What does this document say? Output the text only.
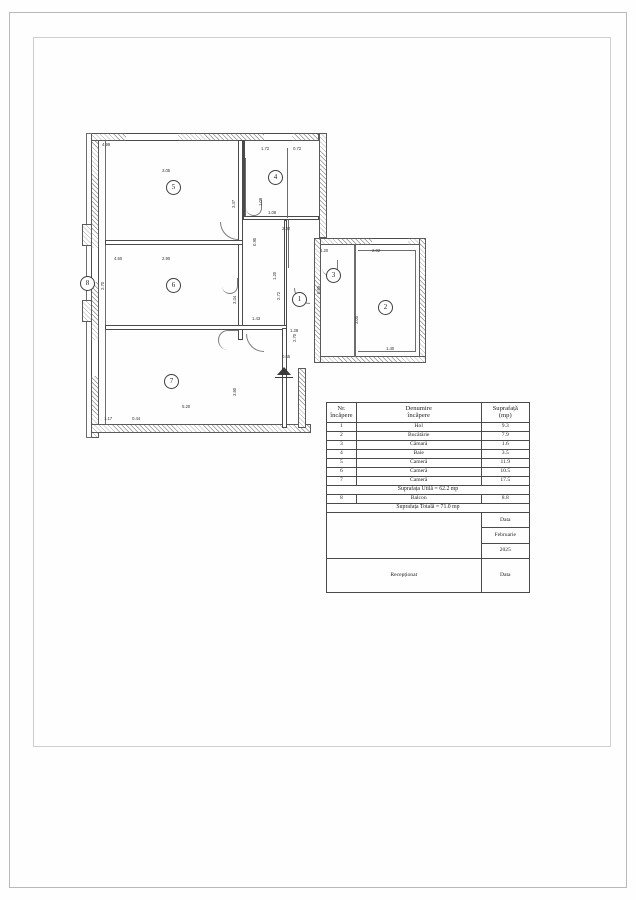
5
4
6
1
3
2
7
8
4.99
3.05
3.37
1.72	0.72
1.08
1.08
0.90
2.30
2.90
4.50
3.34
1.43
2.72
1.20
0.85
2.02
3.00
1.40
5.20
3.50
2.70
1.17	0.44
1.28
1.20
2.70
0.55
Nr.
încăpere

Denumire
încăpere

Suprafață
(mp)

1	Hol	9.3
2	Bucătărie	7.9
3	Cămară	1.6
4	Baie	3.5
5	Cameră	11.9
6	Cameră	10.5
7	Cameră	17.5
Suprafața Utilă = 62.2 mp		
8	Balcon	8.8
Suprafața Totală = 71.0 mp		
		Data
		Februarie
		2025
Recepționat		Data
